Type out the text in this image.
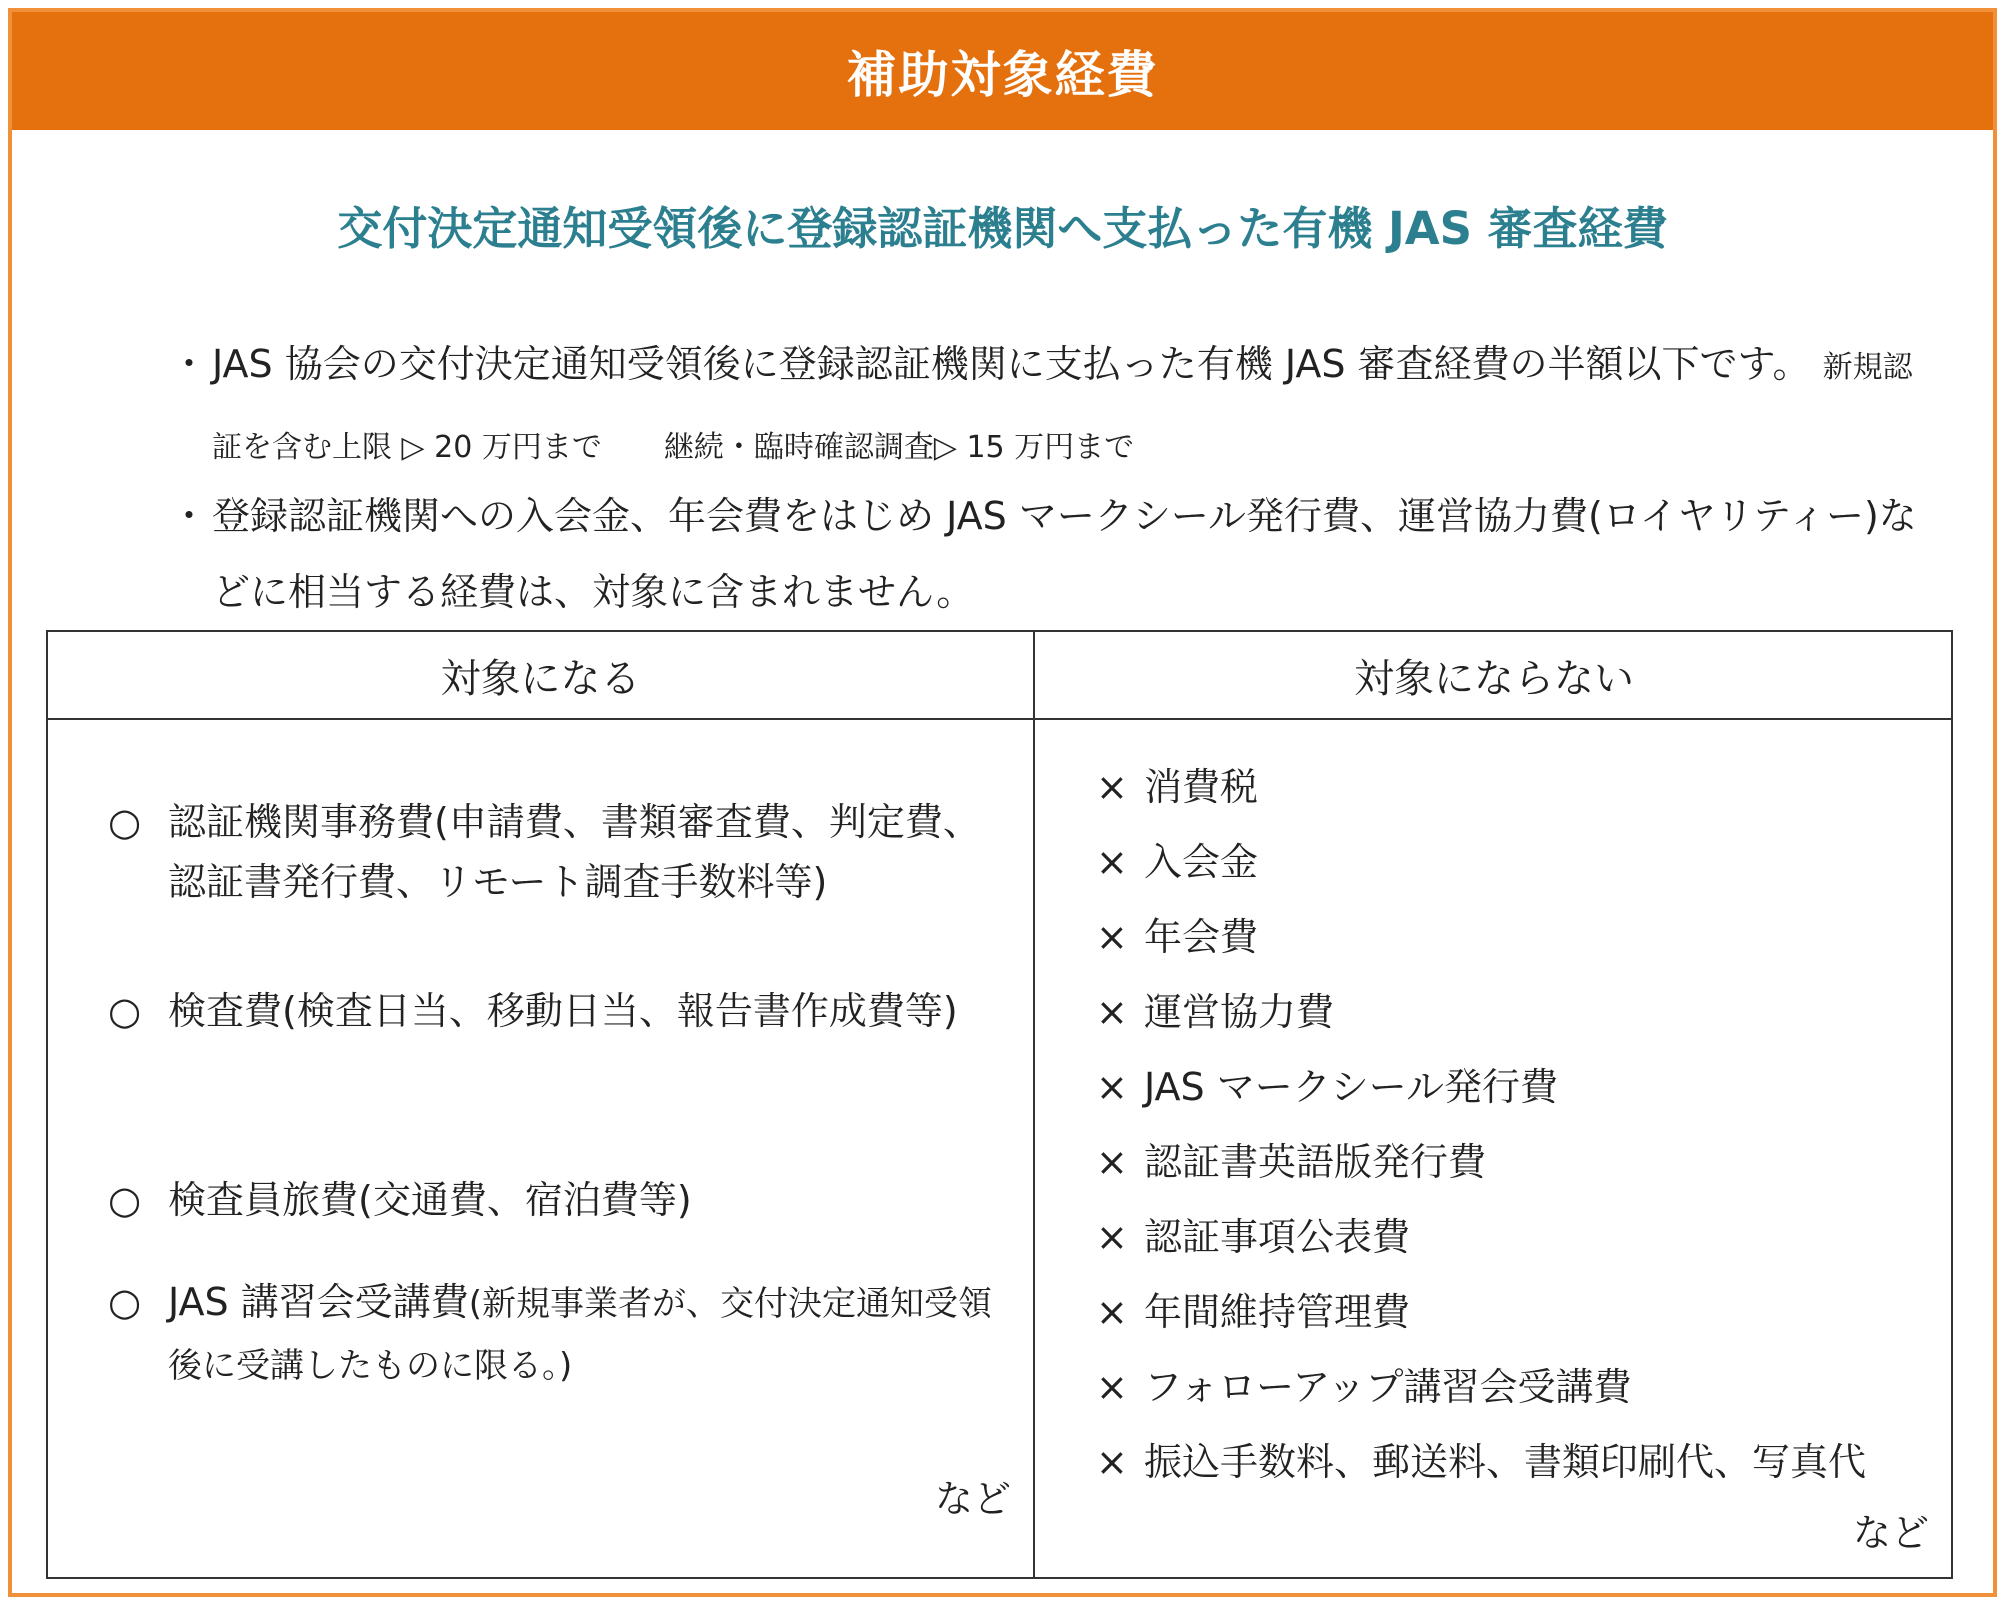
補助対象経費
交付決定通知受領後に登録認証機関へ支払った有機 JAS 審査経費
・ JAS 協会の交付決定通知受領後に登録認証機関に支払った有機 JAS 審査経費の半額以下です。 新規認証を含む上限 ▷ 20 万円まで 継続・臨時確認調査▷ 15 万円まで
・ 登録認証機関への入会金、年会費をはじめ JAS マークシール発行費、運営協力費(ロイヤリティー)などに相当する経費は、対象に含まれません。
対象になる	対象にならない
○ 認証機関事務費(申請費、書類審査費、判定費、認証書発行費、リモート調査手数料等)
○ 検査費(検査日当、移動日当、報告書作成費等)
○ 検査員旅費(交通費、宿泊費等)
○ JAS 講習会受講費(新規事業者が、交付決定通知受領後に受講したものに限る。)
など
× 消費税
× 入会金
× 年会費
× 運営協力費
× JAS マークシール発行費
× 認証書英語版発行費
× 認証事項公表費
× 年間維持管理費
× フォローアップ講習会受講費
× 振込手数料、郵送料、書類印刷代、写真代
など
